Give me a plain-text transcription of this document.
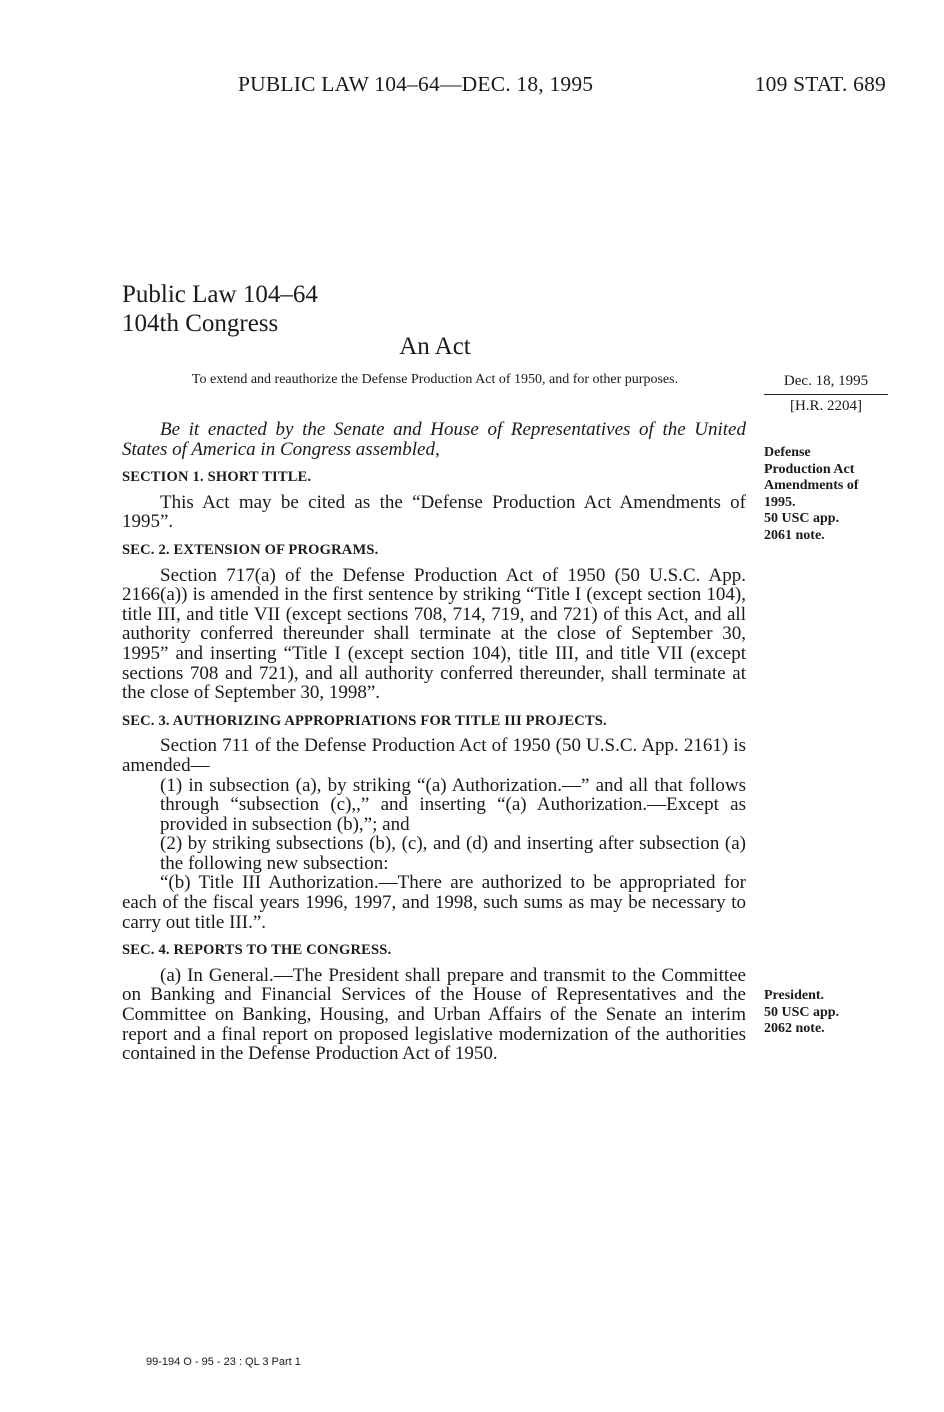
PUBLIC LAW 104–64—DEC. 18, 1995	109 STAT. 689
Public Law 104–64
104th Congress
An Act
To extend and reauthorize the Defense Production Act of 1950, and for other purposes.	Dec. 18, 1995
[H.R. 2204]
Defense
Production Act
Amendments of
1995.
50 USC app.
2061 note.
President.
50 USC app.
2062 note.

Be it enacted by the Senate and House of Representatives of the United States of America in Congress assembled,

SECTION 1. SHORT TITLE.

This Act may be cited as the “Defense Production Act Amendments of 1995”.

SEC. 2. EXTENSION OF PROGRAMS.

Section 717(a) of the Defense Production Act of 1950 (50 U.S.C. App. 2166(a)) is amended in the first sentence by striking “Title I (except section 104), title III, and title VII (except sections 708, 714, 719, and 721) of this Act, and all authority conferred thereunder shall terminate at the close of September 30, 1995” and inserting “Title I (except section 104), title III, and title VII (except sections 708 and 721), and all authority conferred thereunder, shall terminate at the close of September 30, 1998”.

SEC. 3. AUTHORIZING APPROPRIATIONS FOR TITLE III PROJECTS.

Section 711 of the Defense Production Act of 1950 (50 U.S.C. App. 2161) is amended—

(1) in subsection (a), by striking “(a) Authorization.—” and all that follows through “subsection (c),,” and inserting “(a) Authorization.—Except as provided in subsection (b),”; and

(2) by striking subsections (b), (c), and (d) and inserting after subsection (a) the following new subsection:

“(b) Title III Authorization.—There are authorized to be appropriated for each of the fiscal years 1996, 1997, and 1998, such sums as may be necessary to carry out title III.”.

SEC. 4. REPORTS TO THE CONGRESS.

(a) In General.—The President shall prepare and transmit to the Committee on Banking and Financial Services of the House of Representatives and the Committee on Banking, Housing, and Urban Affairs of the Senate an interim report and a final report on proposed legislative modernization of the authorities contained in the Defense Production Act of 1950.

99-194 O - 95 - 23 : QL 3 Part 1
